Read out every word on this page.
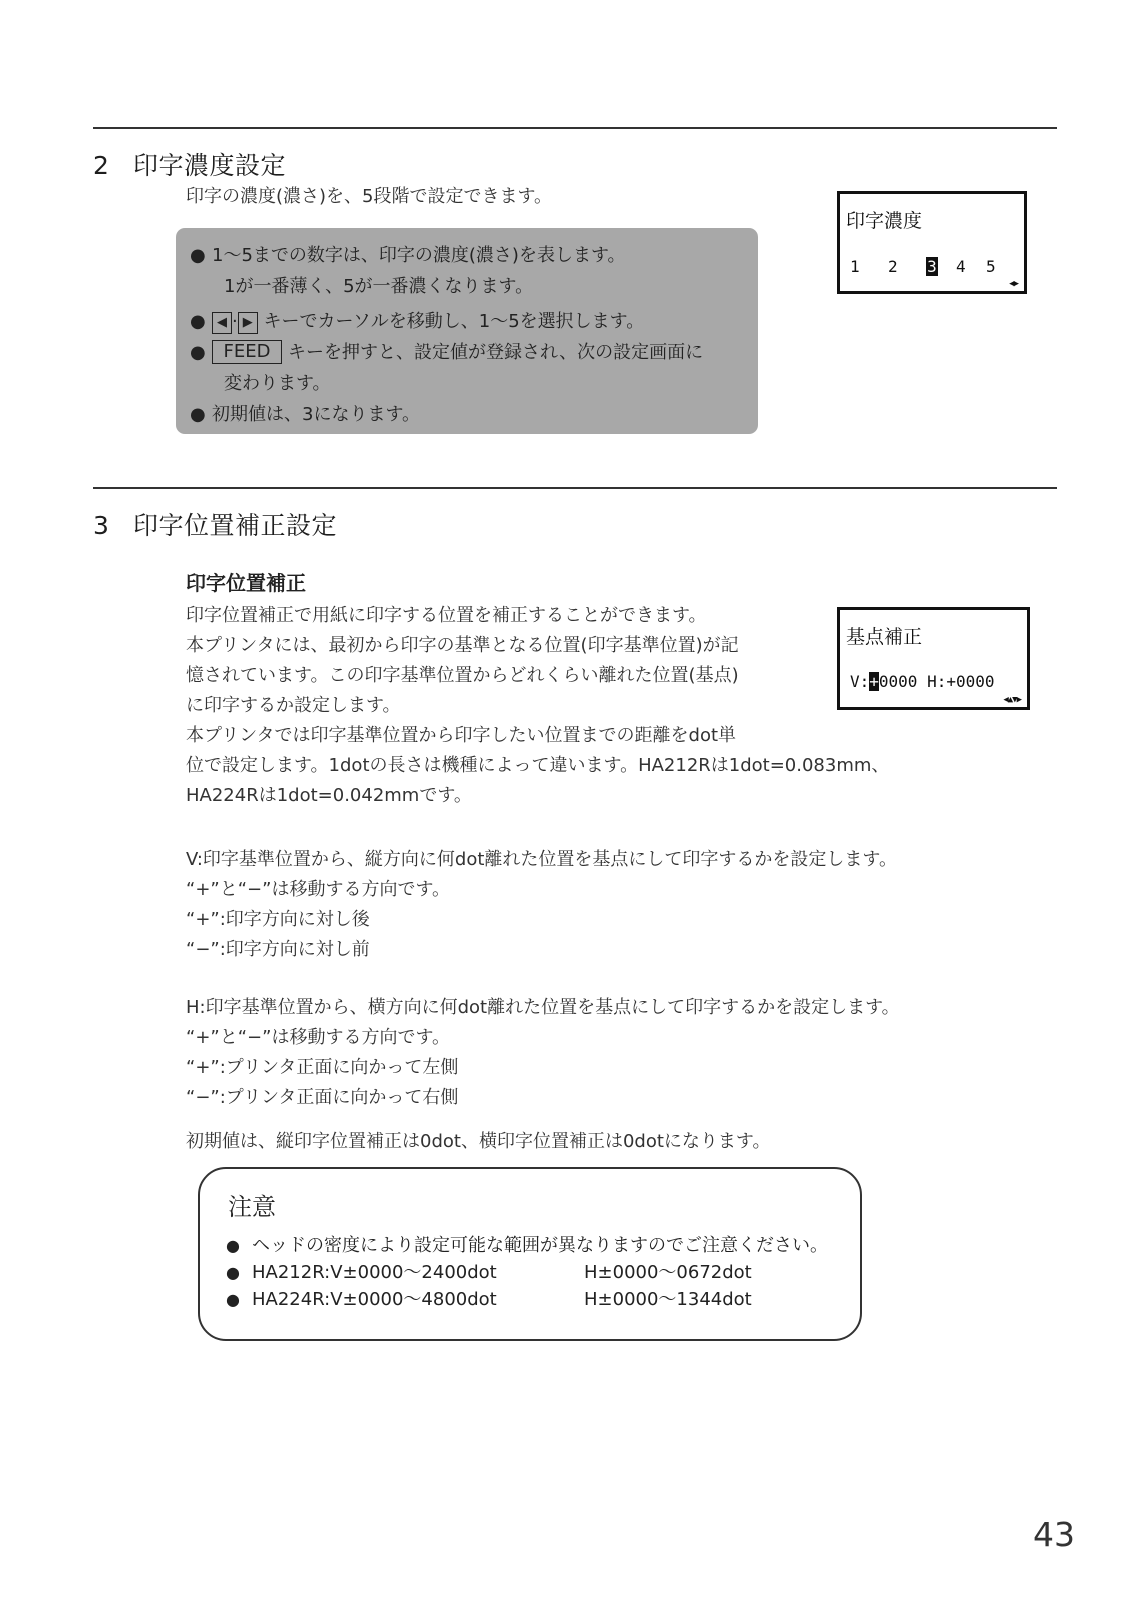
2 印字濃度設定
印字の濃度(濃さ)を、5段階で設定できます。
● 1〜5までの数字は、印字の濃度(濃さ)を表します。
1が一番薄く、5が一番濃くなります。
● ◀ · ▶ キーでカーソルを移動し、1〜5を選択します。
● FEED キーを押すと、設定値が登録され、次の設定画面に
変わります。
● 初期値は、3になります。
印字濃度
1 2 3 4 5
◀▶
3 印字位置補正設定
印字位置補正
印字位置補正で用紙に印字する位置を補正することができます。
本プリンタには、最初から印字の基準となる位置(印字基準位置)が記
憶されています。この印字基準位置からどれくらい離れた位置(基点)
に印字するか設定します。
本プリンタでは印字基準位置から印字したい位置までの距離をdot単
位で設定します。1dotの長さは機種によって違います。HA212Rは1dot=0.083mm、
HA224Rは1dot=0.042mmです。
基点補正
V:+0000 H:+0000
◀▲▼▶
V:印字基準位置から、縦方向に何dot離れた位置を基点にして印字するかを設定します。
“+”と“−”は移動する方向です。
“+”:印字方向に対し後
“−”:印字方向に対し前
H:印字基準位置から、横方向に何dot離れた位置を基点にして印字するかを設定します。
“+”と“−”は移動する方向です。
“+”:プリンタ正面に向かって左側
“−”:プリンタ正面に向かって右側
初期値は、縦印字位置補正は0dot、横印字位置補正は0dotになります。
注意
● ヘッドの密度により設定可能な範囲が異なりますのでご注意ください。
● HA212R:V±0000〜2400dot	H±0000〜0672dot
● HA224R:V±0000〜4800dot	H±0000〜1344dot
43
